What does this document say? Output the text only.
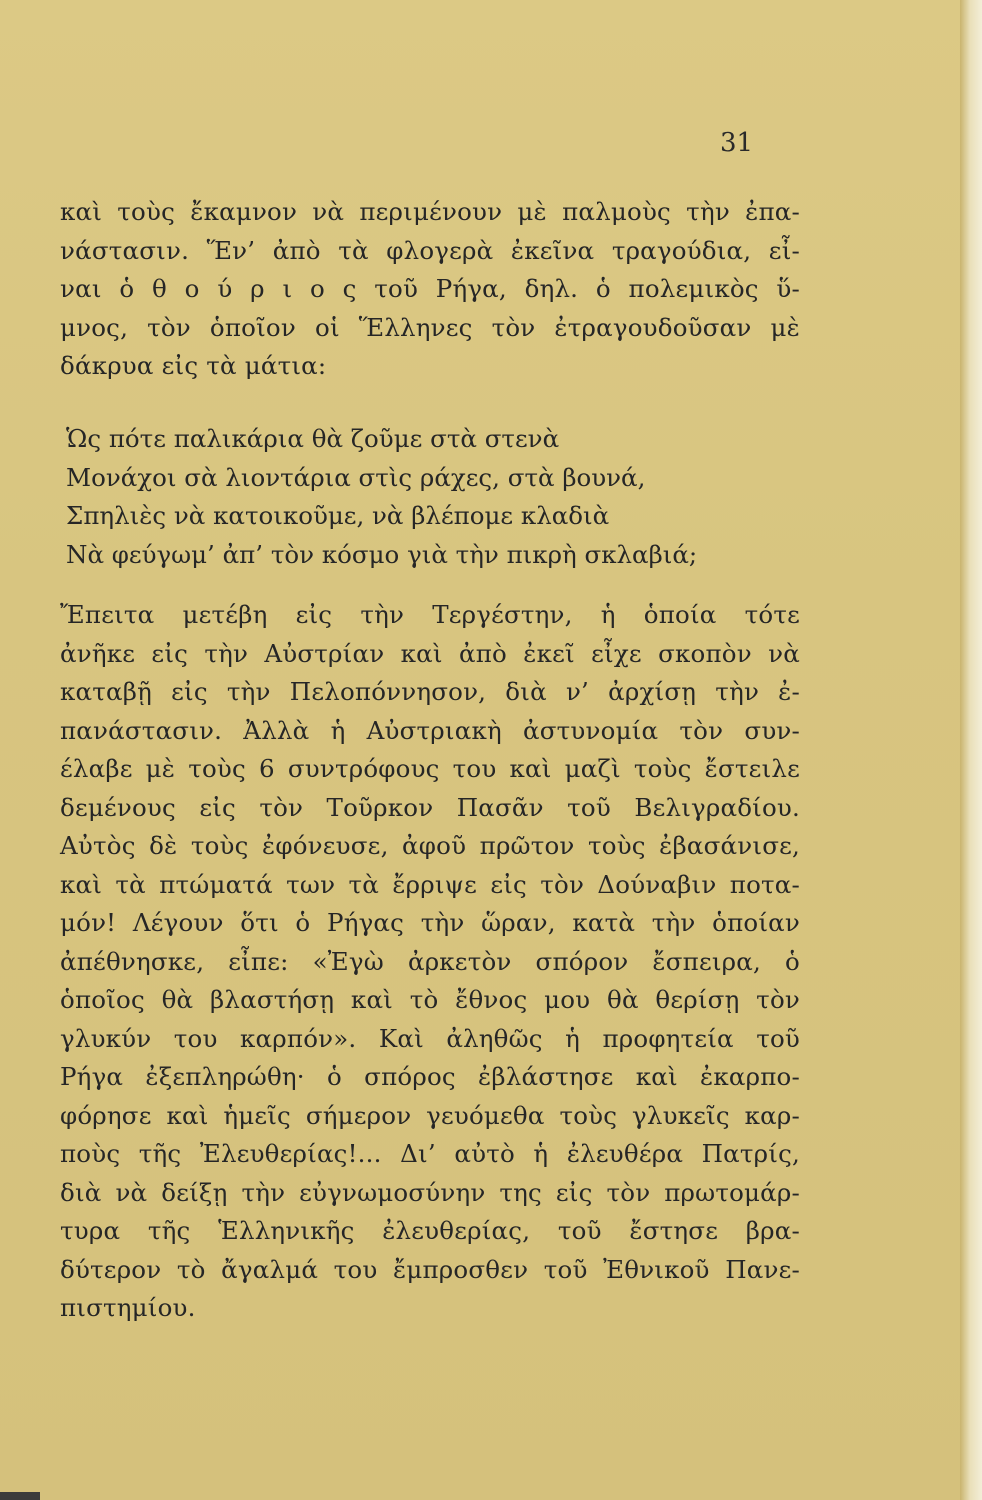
31
καὶ τοὺς ἔκαμνον νὰ περιμένουν μὲ παλμοὺς τὴν ἐπα-
νάστασιν. Ἕν’ ἀπὸ τὰ φλογερὰ ἐκεῖνα τραγούδια, εἶ-
ναι ὁ θ ο ύ ρ ι ο ς τοῦ Ρήγα, δηλ. ὁ πολεμικὸς ὕ-
μνος, τὸν ὁποῖον οἱ Ἕλληνες τὸν ἐτραγουδοῦσαν μὲ
δάκρυα εἰς τὰ μάτια:
Ὡς πότε παλικάρια θὰ ζοῦμε στὰ στενὰ
Μονάχοι σὰ λιοντάρια στὶς ράχες, στὰ βουνά,
Σπηλιὲς νὰ κατοικοῦμε, νὰ βλέπομε κλαδιὰ
Νὰ φεύγωμ’ ἀπ’ τὸν κόσμο γιὰ τὴν πικρὴ σκλαβιά;
Ἔπειτα μετέβη εἰς τὴν Τεργέστην, ἡ ὁποία τότε
ἀνῆκε εἰς τὴν Αὐστρίαν καὶ ἀπὸ ἐκεῖ εἶχε σκοπὸν νὰ
καταβῇ εἰς τὴν Πελοπόννησον, διὰ ν’ ἀρχίσῃ τὴν ἐ-
πανάστασιν. Ἀλλὰ ἡ Αὐστριακὴ ἀστυνομία τὸν συν-
έλαβε μὲ τοὺς 6 συντρόφους του καὶ μαζὶ τοὺς ἔστειλε
δεμένους εἰς τὸν Τοῦρκον Πασᾶν τοῦ Βελιγραδίου.
Αὐτὸς δὲ τοὺς ἐφόνευσε, ἀφοῦ πρῶτον τοὺς ἐβασάνισε,
καὶ τὰ πτώματά των τὰ ἔρριψε εἰς τὸν Δούναβιν ποτα-
μόν! Λέγουν ὅτι ὁ Ρήγας τὴν ὥραν, κατὰ τὴν ὁποίαν
ἀπέθνησκε, εἶπε: «Ἐγὼ ἀρκετὸν σπόρον ἔσπειρα, ὁ
ὁποῖος θὰ βλαστήσῃ καὶ τὸ ἔθνος μου θὰ θερίσῃ τὸν
γλυκύν του καρπόν». Καὶ ἀληθῶς ἡ προφητεία τοῦ
Ρήγα ἐξεπληρώθη· ὁ σπόρος ἐβλάστησε καὶ ἐκαρπο-
φόρησε καὶ ἡμεῖς σήμερον γευόμεθα τοὺς γλυκεῖς καρ-
ποὺς τῆς Ἐλευθερίας!... Δι’ αὐτὸ ἡ ἐλευθέρα Πατρίς,
διὰ νὰ δείξῃ τὴν εὐγνωμοσύνην της εἰς τὸν πρωτομάρ-
τυρα τῆς Ἑλληνικῆς ἐλευθερίας, τοῦ ἔστησε βρα-
δύτερον τὸ ἄγαλμά του ἔμπροσθεν τοῦ Ἐθνικοῦ Πανε-
πιστημίου.
